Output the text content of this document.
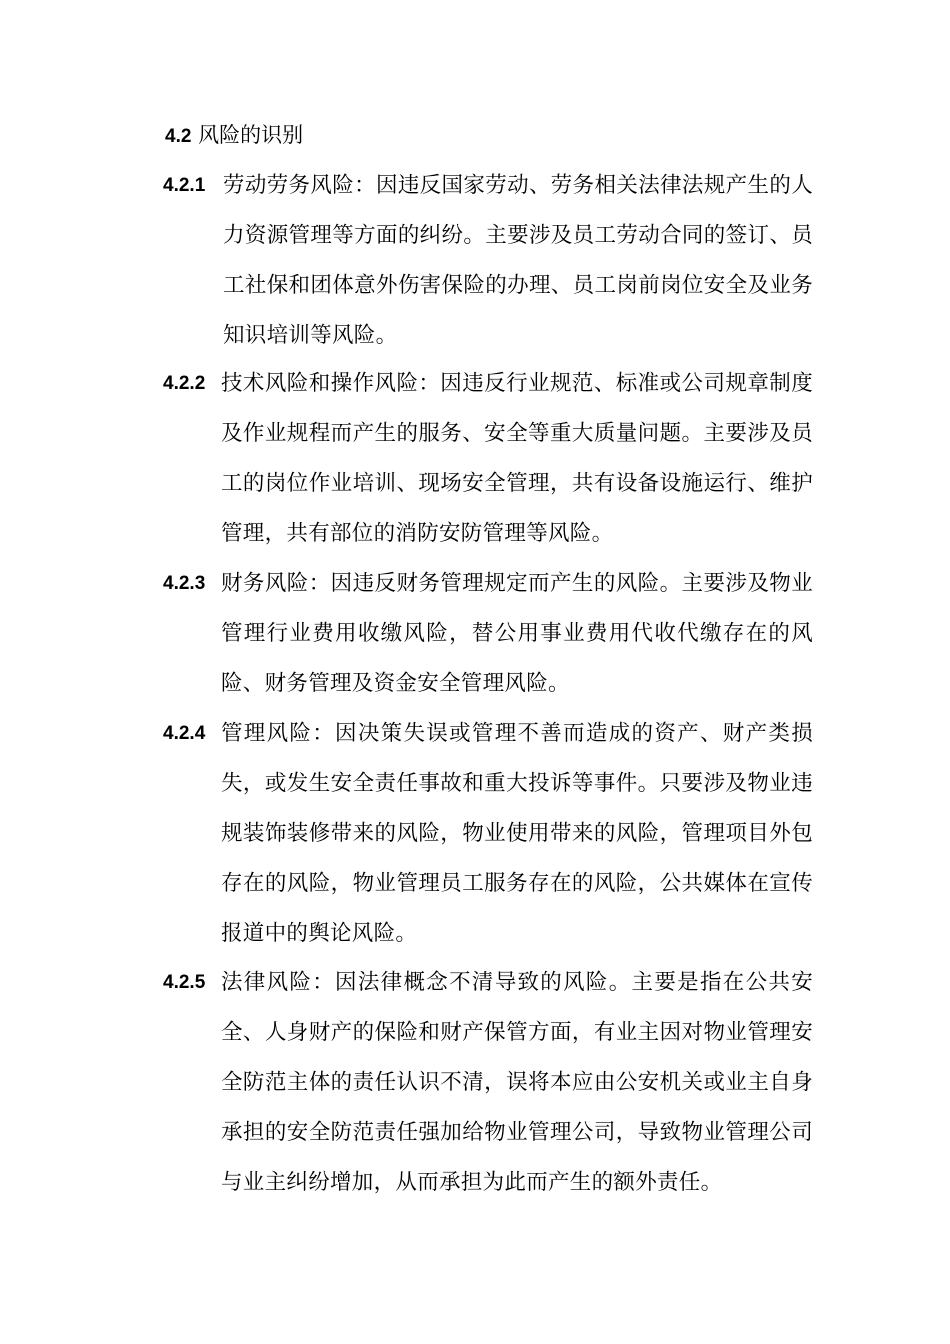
4.2 风险的识别
4.2.1 劳动劳务风险：因违反国家劳动、劳务相关法律法规产生的人力资源管理等方面的纠纷。主要涉及员工劳动合同的签订、员工社保和团体意外伤害保险的办理、员工岗前岗位安全及业务知识培训等风险。
4.2.2 技术风险和操作风险：因违反行业规范、标准或公司规章制度及作业规程而产生的服务、安全等重大质量问题。主要涉及员工的岗位作业培训、现场安全管理，共有设备设施运行、维护管理，共有部位的消防安防管理等风险。
4.2.3 财务风险：因违反财务管理规定而产生的风险。主要涉及物业管理行业费用收缴风险，替公用事业费用代收代缴存在的风险、财务管理及资金安全管理风险。
4.2.4 管理风险：因决策失误或管理不善而造成的资产、财产类损失，或发生安全责任事故和重大投诉等事件。只要涉及物业违规装饰装修带来的风险，物业使用带来的风险，管理项目外包存在的风险，物业管理员工服务存在的风险，公共媒体在宣传报道中的舆论风险。
4.2.5 法律风险：因法律概念不清导致的风险。主要是指在公共安全、人身财产的保险和财产保管方面，有业主因对物业管理安全防范主体的责任认识不清，误将本应由公安机关或业主自身承担的安全防范责任强加给物业管理公司，导致物业管理公司与业主纠纷增加，从而承担为此而产生的额外责任。
